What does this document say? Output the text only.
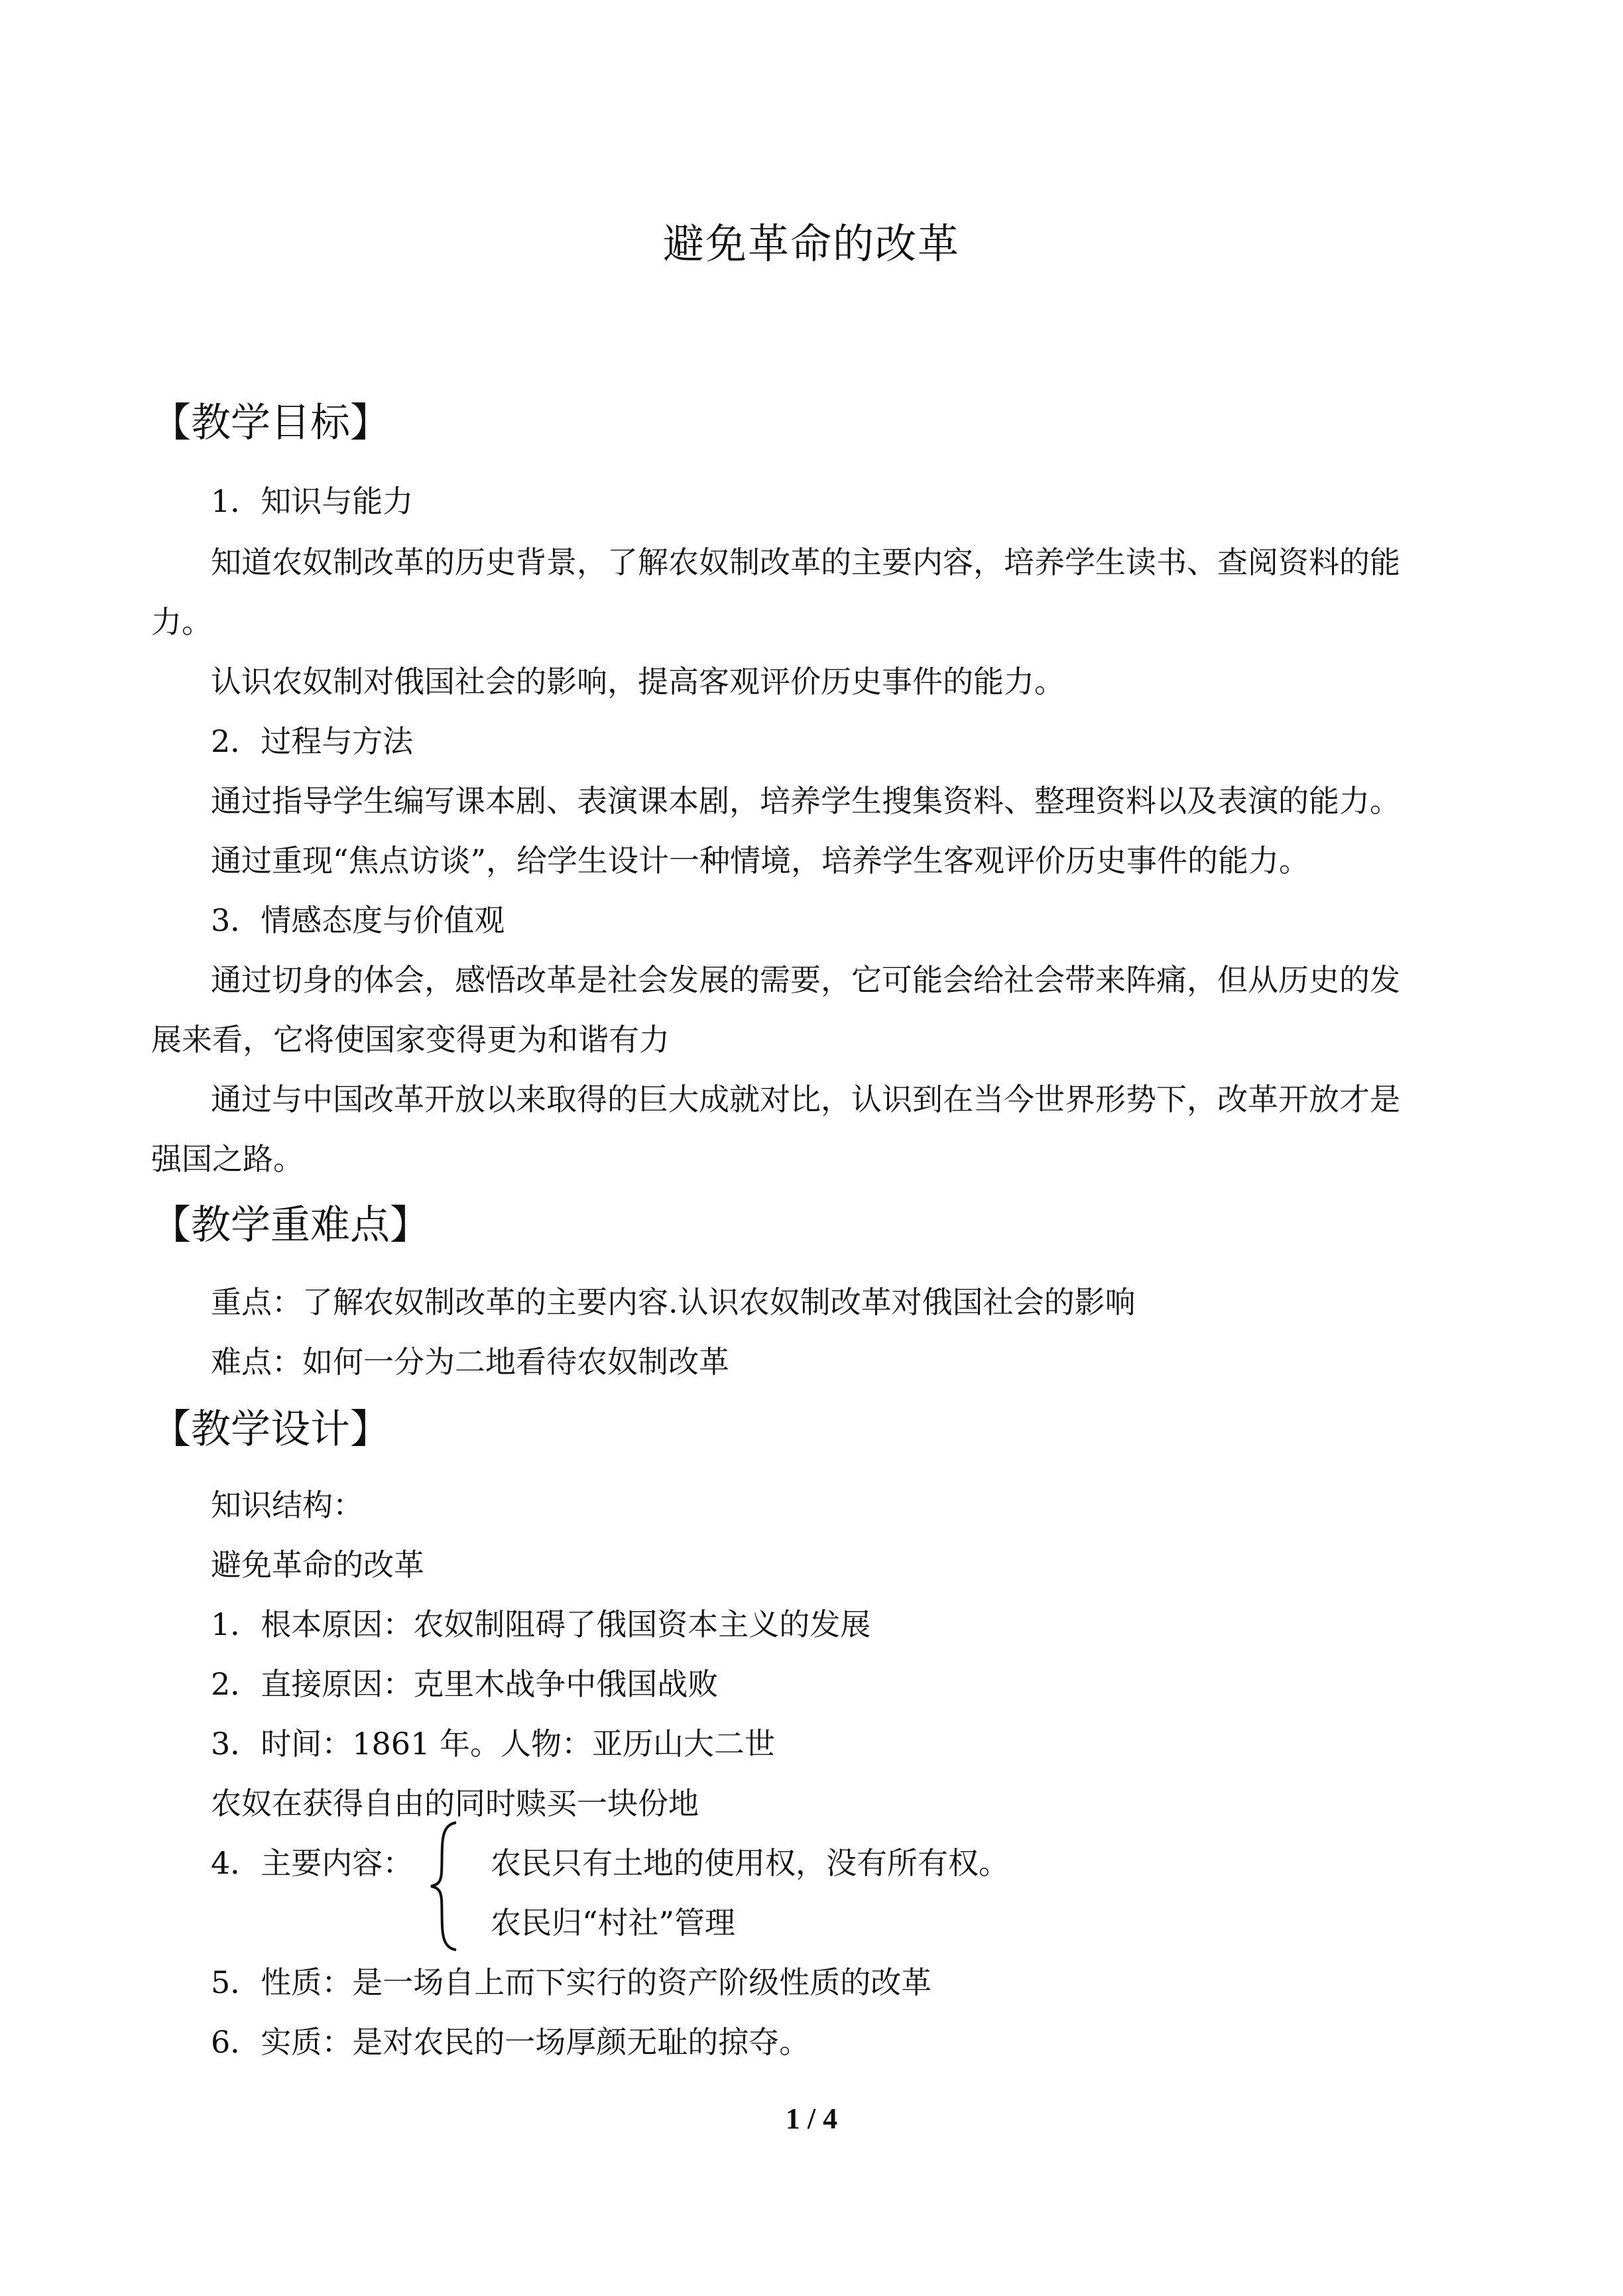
避免革命的改革
【教学目标】
1．知识与能力
知道农奴制改革的历史背景，了解农奴制改革的主要内容，培养学生读书、查阅资料的能
力。
认识农奴制对俄国社会的影响，提高客观评价历史事件的能力。
2．过程与方法
通过指导学生编写课本剧、表演课本剧，培养学生搜集资料、整理资料以及表演的能力。
通过重现“焦点访谈”，给学生设计一种情境，培养学生客观评价历史事件的能力。
3．情感态度与价值观
通过切身的体会，感悟改革是社会发展的需要，它可能会给社会带来阵痛，但从历史的发
展来看，它将使国家变得更为和谐有力
通过与中国改革开放以来取得的巨大成就对比，认识到在当今世界形势下，改革开放才是
强国之路。
【教学重难点】
重点：了解农奴制改革的主要内容.认识农奴制改革对俄国社会的影响
难点：如何一分为二地看待农奴制改革
【教学设计】
知识结构：
避免革命的改革
1．根本原因：农奴制阻碍了俄国资本主义的发展
2．直接原因：克里木战争中俄国战败
3．时间：1861 年。人物：亚历山大二世
农奴在获得自由的同时赎买一块份地
4．主要内容：	农民只有土地的使用权，没有所有权。
农民归“村社”管理
5．性质：是一场自上而下实行的资产阶级性质的改革
6．实质：是对农民的一场厚颜无耻的掠夺。
1 / 4
